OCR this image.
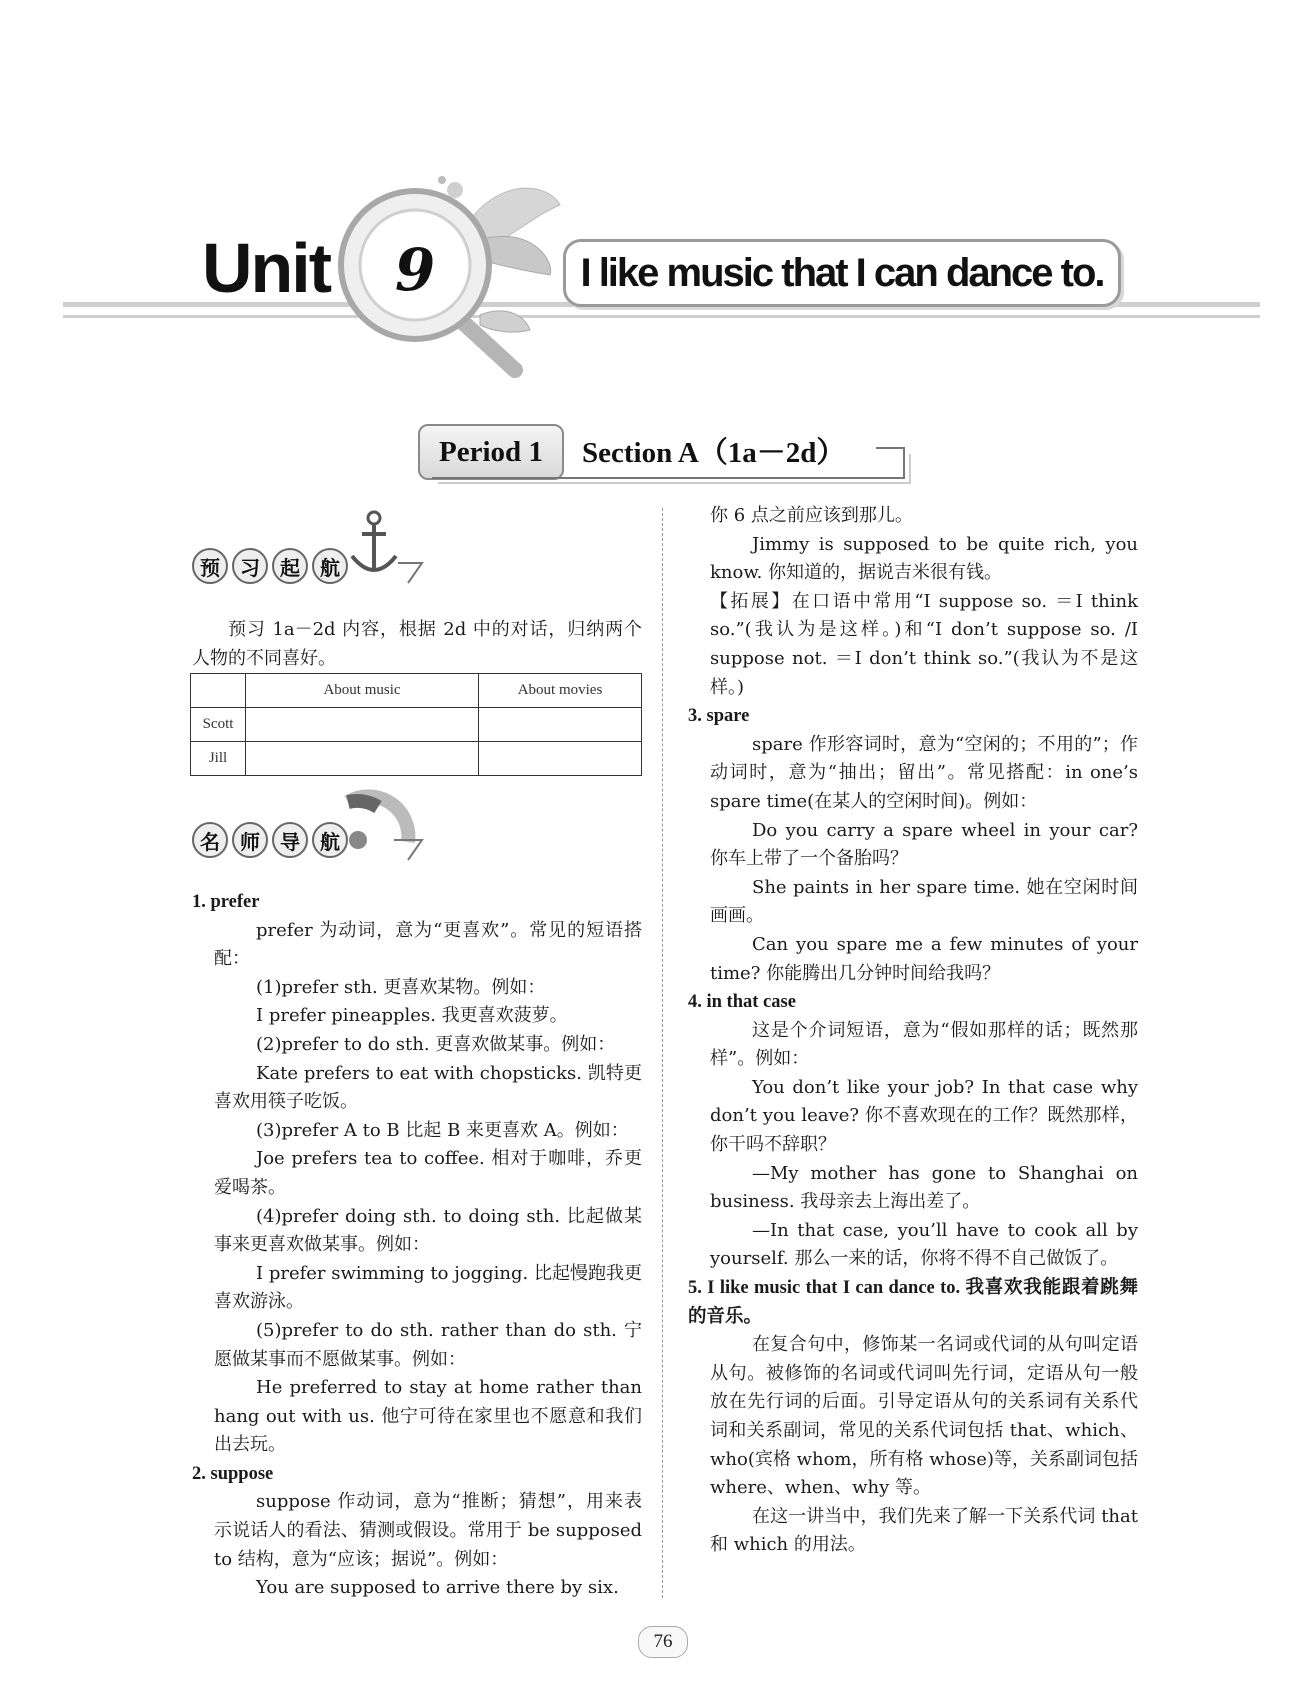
Unit	9	I like music that I can dance to.
Period 1	Section A（1a－2d）
预	习	起	航

预习 1a－2d 内容，根据 2d 中的对话，归纳两个人物的不同喜好。

	About music	About movies
Scott		
Jill		
名	师	导	航

1. prefer

prefer 为动词，意为“更喜欢”。常见的短语搭配：

(1)prefer sth. 更喜欢某物。例如：

I prefer pineapples. 我更喜欢菠萝。

(2)prefer to do sth. 更喜欢做某事。例如：

Kate prefers to eat with chopsticks. 凯特更喜欢用筷子吃饭。

(3)prefer A to B 比起 B 来更喜欢 A。例如：

Joe prefers tea to coffee. 相对于咖啡，乔更爱喝茶。

(4)prefer doing sth. to doing sth. 比起做某事来更喜欢做某事。例如：

I prefer swimming to jogging. 比起慢跑我更喜欢游泳。

(5)prefer to do sth. rather than do sth. 宁愿做某事而不愿做某事。例如：

He preferred to stay at home rather than hang out with us. 他宁可待在家里也不愿意和我们出去玩。

2. suppose

suppose 作动词，意为“推断；猜想”，用来表示说话人的看法、猜测或假设。常用于 be supposed to 结构，意为“应该；据说”。例如：

You are supposed to arrive there by six.

你 6 点之前应该到那儿。

Jimmy is supposed to be quite rich, you know. 你知道的，据说吉米很有钱。

【拓展】在口语中常用“I suppose so. ＝I think so.”(我认为是这样。)和“I don’t suppose so. /I suppose not. ＝I don’t think so.”(我认为不是这样。)

3. spare

spare 作形容词时，意为“空闲的；不用的”；作动词时，意为“抽出；留出”。常见搭配：in one’s spare time(在某人的空闲时间)。例如：

Do you carry a spare wheel in your car? 你车上带了一个备胎吗？

She paints in her spare time. 她在空闲时间画画。

Can you spare me a few minutes of your time? 你能腾出几分钟时间给我吗？

4. in that case

这是个介词短语，意为“假如那样的话；既然那样”。例如：

You don’t like your job? In that case why don’t you leave? 你不喜欢现在的工作？既然那样，你干吗不辞职？

—My mother has gone to Shanghai on business. 我母亲去上海出差了。

—In that case, you’ll have to cook all by yourself. 那么一来的话，你将不得不自己做饭了。

5. I like music that I can dance to. 我喜欢我能跟着跳舞的音乐。

在复合句中，修饰某一名词或代词的从句叫定语从句。被修饰的名词或代词叫先行词，定语从句一般放在先行词的后面。引导定语从句的关系词有关系代词和关系副词，常见的关系代词包括 that、which、who(宾格 whom，所有格 whose)等，关系副词包括 where、when、why 等。

在这一讲当中，我们先来了解一下关系代词 that 和 which 的用法。

76
